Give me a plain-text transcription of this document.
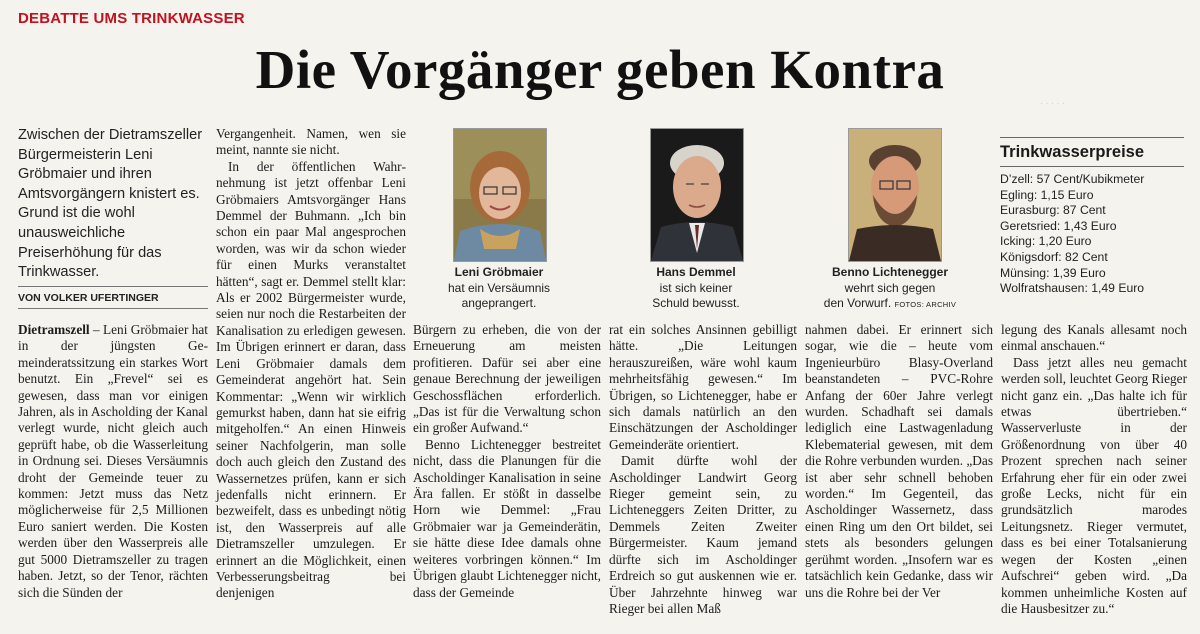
DEBATTE UMS TRINKWASSER
Die Vorgänger geben Kontra
· · · · ·
Zwischen der Dietramszeller Bürgermeisterin Leni Gröbmaier und ihren Amtsvorgängern knistert es. Grund ist die wohl unausweichliche Preiserhöhung für das Trinkwasser.
VON VOLKER UFERTINGER

Dietramszell – Leni Gröbmaier hat in der jüngsten Gemeinderatssitzung ein starkes Wort benutzt. Ein „Frevel“ sei es gewesen, dass man vor einigen Jahren, als in Ascholding der Kanal verlegt wurde, nicht gleich auch geprüft habe, ob die Wasserleitung in Ordnung sei. Dieses Versäumnis droht der Gemeinde teuer zu kommen: Jetzt muss das Netz möglicherweise für 2,5 Millionen Euro saniert werden. Die Kosten werden über den Wasserpreis alle gut 5000 Dietramszeller zu tragen haben. Jetzt, so der Tenor, rächten sich die Sünden der

Vergangenheit. Namen, wen sie meint, nannte sie nicht.

In der öffentlichen Wahrnehmung ist jetzt offenbar Leni Gröbmaiers Amtsvorgänger Hans Demmel der Buhmann. „Ich bin schon ein paar Mal angesprochen worden, was wir da schon wieder für einen Murks veranstaltet hätten“, sagt er. Demmel stellt klar: Als er 2002 Bürgermeister wurde, seien nur noch die Restarbeiten der Kanalisation zu erledigen gewesen. Im Übrigen erinnert er daran, dass Leni Gröbmaier damals dem Gemeinderat angehört hat. Sein Kommentar: „Wenn wir wirklich gemurkst haben, dann hat sie eifrig mitgeholfen.“ An einen Hinweis seiner Nachfolgerin, man solle doch auch gleich den Zustand des Wassernetzes prüfen, kann er sich jedenfalls nicht erinnern. Er bezweifelt, dass es unbedingt nötig ist, den Wasserpreis auf alle Dietramszeller umzulegen. Er erinnert an die Möglichkeit, einen Verbesserungsbeitrag bei denjenigen

Leni Gröbmaier
hat ein Versäumnis
angeprangert.
Hans Demmel
ist sich keiner
Schuld bewusst.
Benno Lichtenegger
wehrt sich gegen
den Vorwurf. FOTOS: ARCHIV

Bürgern zu erheben, die von der Erneuerung am meisten profitieren. Dafür sei aber eine genaue Berechnung der jeweiligen Geschossflächen erforderlich. „Das ist für die Verwaltung schon ein großer Aufwand.“

Benno Lichtenegger bestreitet nicht, dass die Planungen für die Ascholdinger Kanalisation in seine Ära fallen. Er stößt in dasselbe Horn wie Demmel: „Frau Gröbmaier war ja Gemeinderätin, sie hätte diese Idee damals ohne weiteres vorbringen können.“ Im Übrigen glaubt Lichtenegger nicht, dass der Gemeinde

rat ein solches Ansinnen gebilligt hätte. „Die Leitungen herauszureißen, wäre wohl kaum mehrheitsfähig gewesen.“ Im Übrigen, so Lichtenegger, habe er sich damals natürlich an den Einschätzungen der Ascholdinger Gemeinderäte orientiert.

Damit dürfte wohl der Ascholdinger Landwirt Georg Rieger gemeint sein, zu Lichteneggers Zeiten Dritter, zu Demmels Zeiten Zweiter Bürgermeister. Kaum jemand dürfte sich im Ascholdinger Erdreich so gut auskennen wie er. Über Jahrzehnte hinweg war Rieger bei allen Maß

nahmen dabei. Er erinnert sich sogar, wie die – heute vom Ingenieurbüro Blasy-Overland beanstandeten – PVC-Rohre Anfang der 60er Jahre verlegt wurden. Schadhaft sei damals lediglich eine Lastwagenladung Klebematerial gewesen, mit dem die Rohre verbunden wurden. „Das ist aber sehr schnell behoben worden.“ Im Gegenteil, das Ascholdinger Wassernetz, dass einen Ring um den Ort bildet, sei stets als besonders gelungen gerühmt worden. „Insofern war es tatsächlich kein Gedanke, dass wir uns die Rohre bei der Ver

legung des Kanals allesamt noch einmal anschauen.“

Dass jetzt alles neu gemacht werden soll, leuchtet Georg Rieger nicht ganz ein. „Das halte ich für etwas übertrieben.“ Wasserverluste in der Größenordnung von über 40 Prozent sprechen nach seiner Erfahrung eher für ein oder zwei große Lecks, nicht für ein grundsätzlich marodes Leitungsnetz. Rieger vermutet, dass es bei einer Totalsanierung wegen der Kosten „einen Aufschrei“ geben wird. „Da kommen unheimliche Kosten auf die Hausbesitzer zu.“

Trinkwasserpreise
D’zell: 57 Cent/Kubikmeter
Egling: 1,15 Euro
Eurasburg: 87 Cent
Geretsried: 1,43 Euro
Icking: 1,20 Euro
Königsdorf: 82 Cent
Münsing: 1,39 Euro
Wolfratshausen: 1,49 Euro
